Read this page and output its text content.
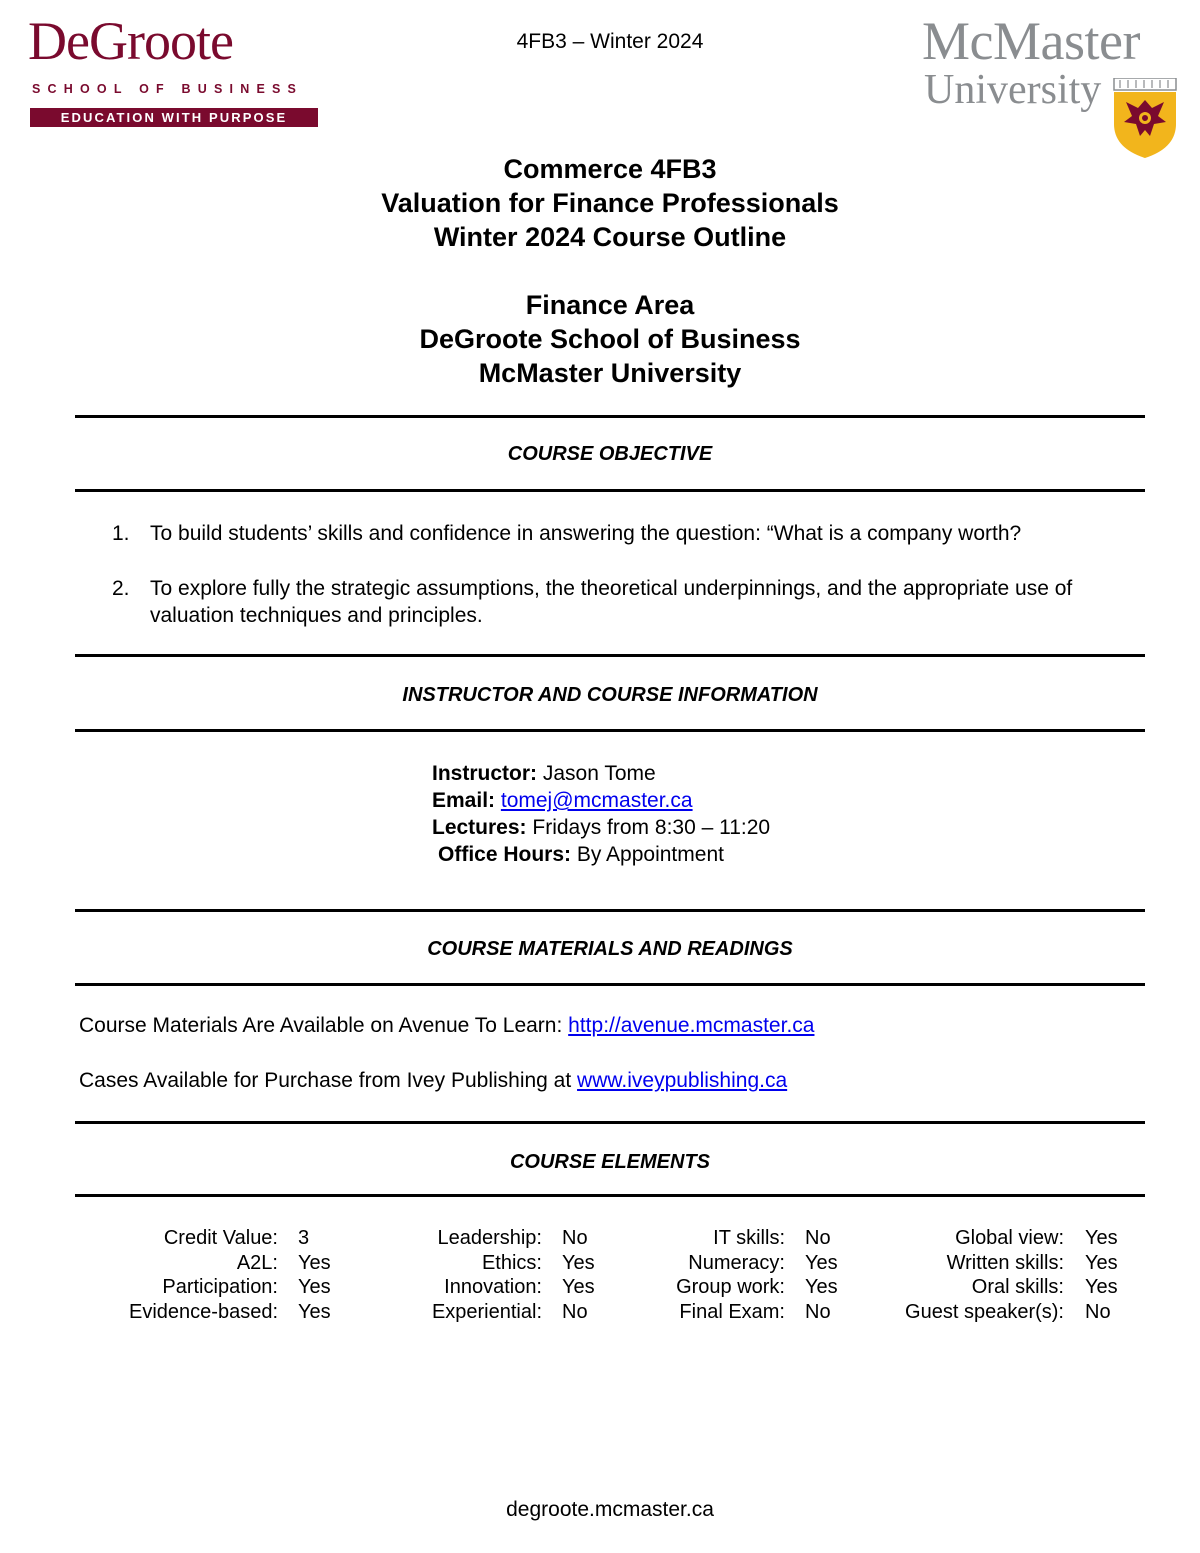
DeGroote
SCHOOL OF BUSINESS
EDUCATION WITH PURPOSE
4FB3 – Winter 2024	McMaster
University
Commerce 4FB3
Valuation for Finance Professionals
Winter 2024 Course Outline
Finance Area
DeGroote School of Business
McMaster University
COURSE OBJECTIVE
1. To build students’ skills and confidence in answering the question: “What is a company worth?
2. To explore fully the strategic assumptions, the theoretical underpinnings, and the appropriate use of valuation techniques and principles.
INSTRUCTOR AND COURSE INFORMATION
Instructor: Jason Tome
Email: tomej@mcmaster.ca
Lectures: Fridays from 8:30 – 11:20
Office Hours: By Appointment
COURSE MATERIALS AND READINGS
Course Materials Are Available on Avenue To Learn: http://avenue.mcmaster.ca
Cases Available for Purchase from Ivey Publishing at www.iveypublishing.ca
COURSE ELEMENTS
Credit Value: 3	Leadership: No	IT skills: No	Global view: Yes
A2L: Yes	Ethics: Yes	Numeracy: Yes	Written skills: Yes
Participation: Yes	Innovation: Yes	Group work: Yes	Oral skills: Yes
Evidence-based: Yes	Experiential: No	Final Exam: No	Guest speaker(s): No
degroote.mcmaster.ca
